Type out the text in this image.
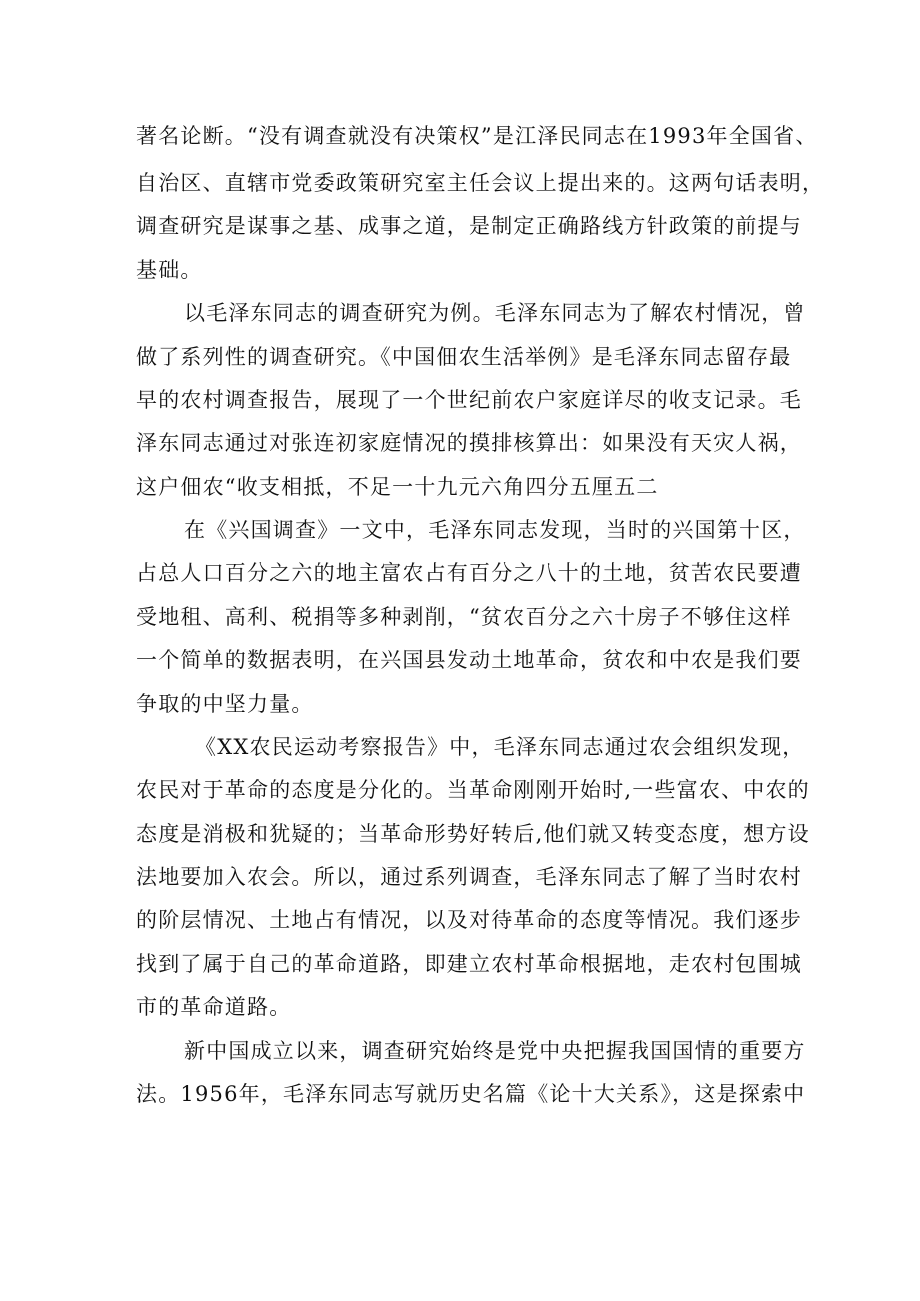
著名论断。“没有调查就没有决策权”是江泽民同志在1993年全国省、

自治区、直辖市党委政策研究室主任会议上提出来的。这两句话表明，

调查研究是谋事之基、成事之道，是制定正确路线方针政策的前提与

基础。

以毛泽东同志的调查研究为例。毛泽东同志为了解农村情况，曾

做了系列性的调查研究。《中国佃农生活举例》是毛泽东同志留存最

早的农村调查报告，展现了一个世纪前农户家庭详尽的收支记录。毛

泽东同志通过对张连初家庭情况的摸排核算出：如果没有天灾人祸，

这户佃农“收支相抵，不足一十九元六角四分五厘五二

在《兴国调查》一文中，毛泽东同志发现，当时的兴国第十区，

占总人口百分之六的地主富农占有百分之八十的土地，贫苦农民要遭

受地租、高利、税捐等多种剥削，“贫农百分之六十房子不够住这样

一个简单的数据表明，在兴国县发动土地革命，贫农和中农是我们要

争取的中坚力量。

《XX农民运动考察报告》中，毛泽东同志通过农会组织发现，

农民对于革命的态度是分化的。当革命刚刚开始时,一些富农、中农的

态度是消极和犹疑的；当革命形势好转后,他们就又转变态度，想方设

法地要加入农会。所以，通过系列调查，毛泽东同志了解了当时农村

的阶层情况、土地占有情况，以及对待革命的态度等情况。我们逐步

找到了属于自己的革命道路，即建立农村革命根据地，走农村包围城

市的革命道路。

新中国成立以来，调查研究始终是党中央把握我国国情的重要方

法。1956年，毛泽东同志写就历史名篇《论十大关系》，这是探索中
